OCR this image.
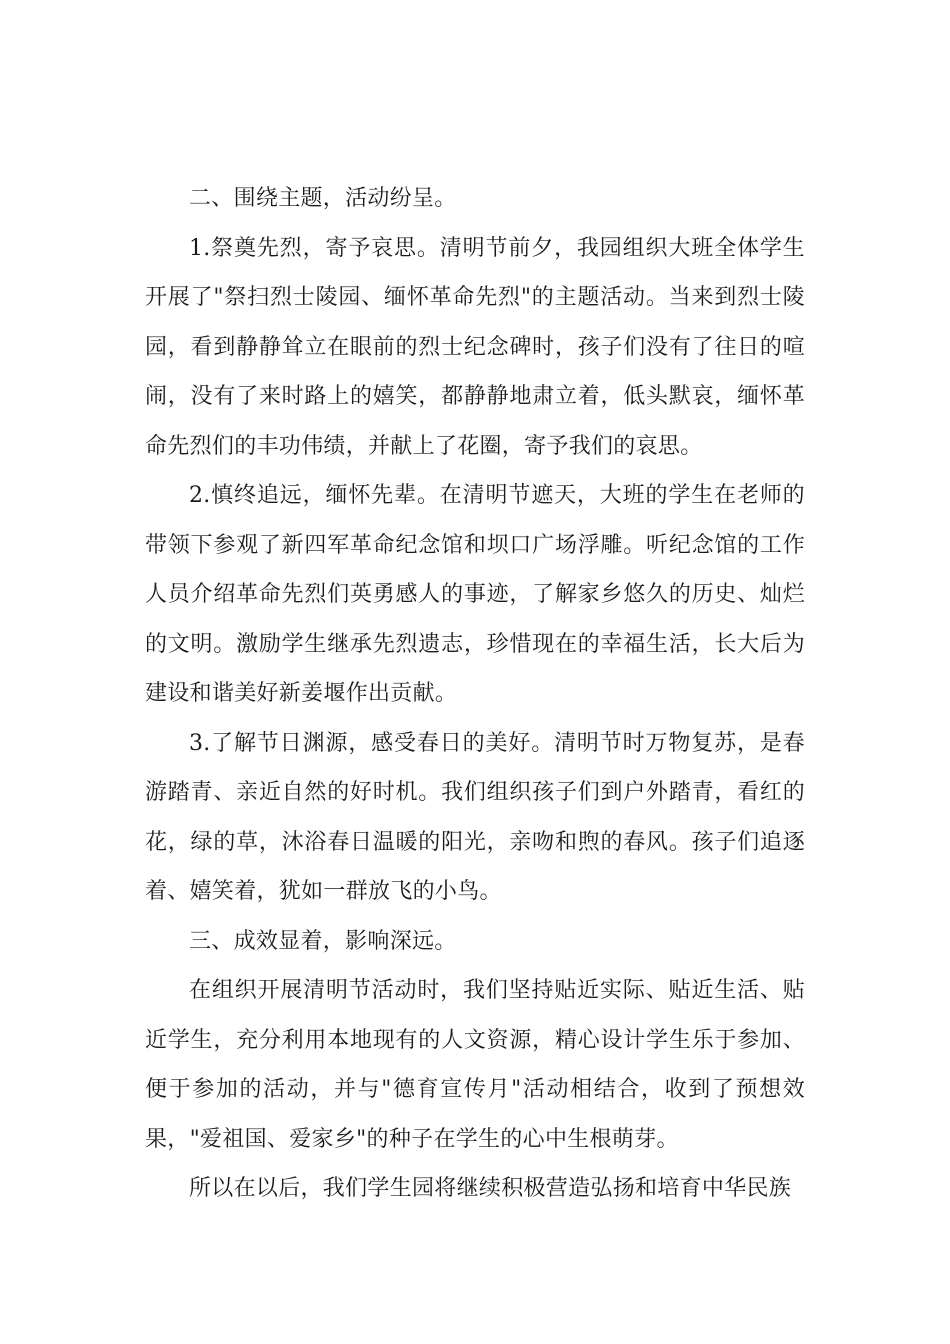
二、围绕主题，活动纷呈。

1.祭奠先烈，寄予哀思。清明节前夕，我园组织大班全体学生开展了"祭扫烈士陵园、缅怀革命先烈"的主题活动。当来到烈士陵园，看到静静耸立在眼前的烈士纪念碑时，孩子们没有了往日的喧闹，没有了来时路上的嬉笑，都静静地肃立着，低头默哀，缅怀革命先烈们的丰功伟绩，并献上了花圈，寄予我们的哀思。

2.慎终追远，缅怀先辈。在清明节遮天，大班的学生在老师的带领下参观了新四军革命纪念馆和坝口广场浮雕。听纪念馆的工作人员介绍革命先烈们英勇感人的事迹，了解家乡悠久的历史、灿烂的文明。激励学生继承先烈遗志，珍惜现在的幸福生活，长大后为建设和谐美好新姜堰作出贡献。

3.了解节日渊源，感受春日的美好。清明节时万物复苏，是春游踏青、亲近自然的好时机。我们组织孩子们到户外踏青，看红的花，绿的草，沐浴春日温暖的阳光，亲吻和煦的春风。孩子们追逐着、嬉笑着，犹如一群放飞的小鸟。

三、成效显着，影响深远。

在组织开展清明节活动时，我们坚持贴近实际、贴近生活、贴近学生，充分利用本地现有的人文资源，精心设计学生乐于参加、便于参加的活动，并与"德育宣传月"活动相结合，收到了预想效果，"爱祖国、爱家乡"的种子在学生的心中生根萌芽。

所以在以后，我们学生园将继续积极营造弘扬和培育中华民族
